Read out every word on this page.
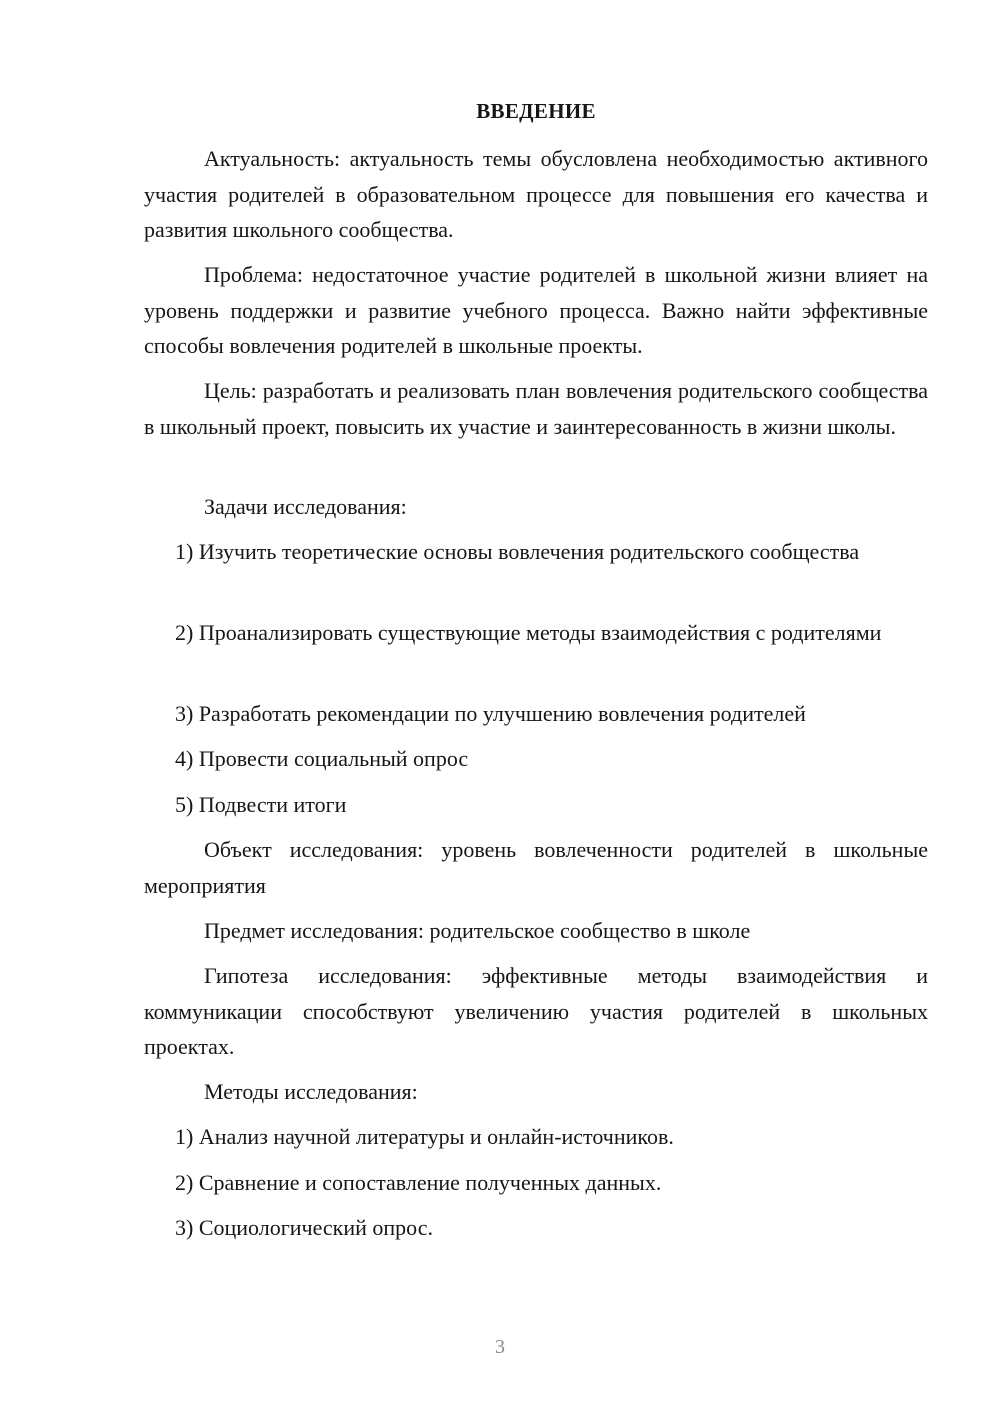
ВВЕДЕНИЕ

Актуальность: актуальность темы обусловлена необходимостью активного участия родителей в образовательном процессе для повышения его качества и развития школьного сообщества.

Проблема: недостаточное участие родителей в школьной жизни влияет на уровень поддержки и развитие учебного процесса. Важно найти эффективные способы вовлечения родителей в школьные проекты.

Цель: разработать и реализовать план вовлечения родительского сообщества в школьный проект, повысить их участие и заинтересованность в жизни школы.

Задачи исследования:

1) Изучить теоретические основы вовлечения родительского сообщества

2) Проанализировать существующие методы взаимодействия с родителями

3) Разработать рекомендации по улучшению вовлечения родителей

4) Провести социальный опрос

5) Подвести итоги

Объект исследования: уровень вовлеченности родителей в школьные мероприятия

Предмет исследования: родительское сообщество в школе

Гипотеза исследования: эффективные методы взаимодействия и коммуникации способствуют увеличению участия родителей в школьных проектах.

Методы исследования:

1) Анализ научной литературы и онлайн-источников.

2) Сравнение и сопоставление полученных данных.

3) Социологический опрос.

3
